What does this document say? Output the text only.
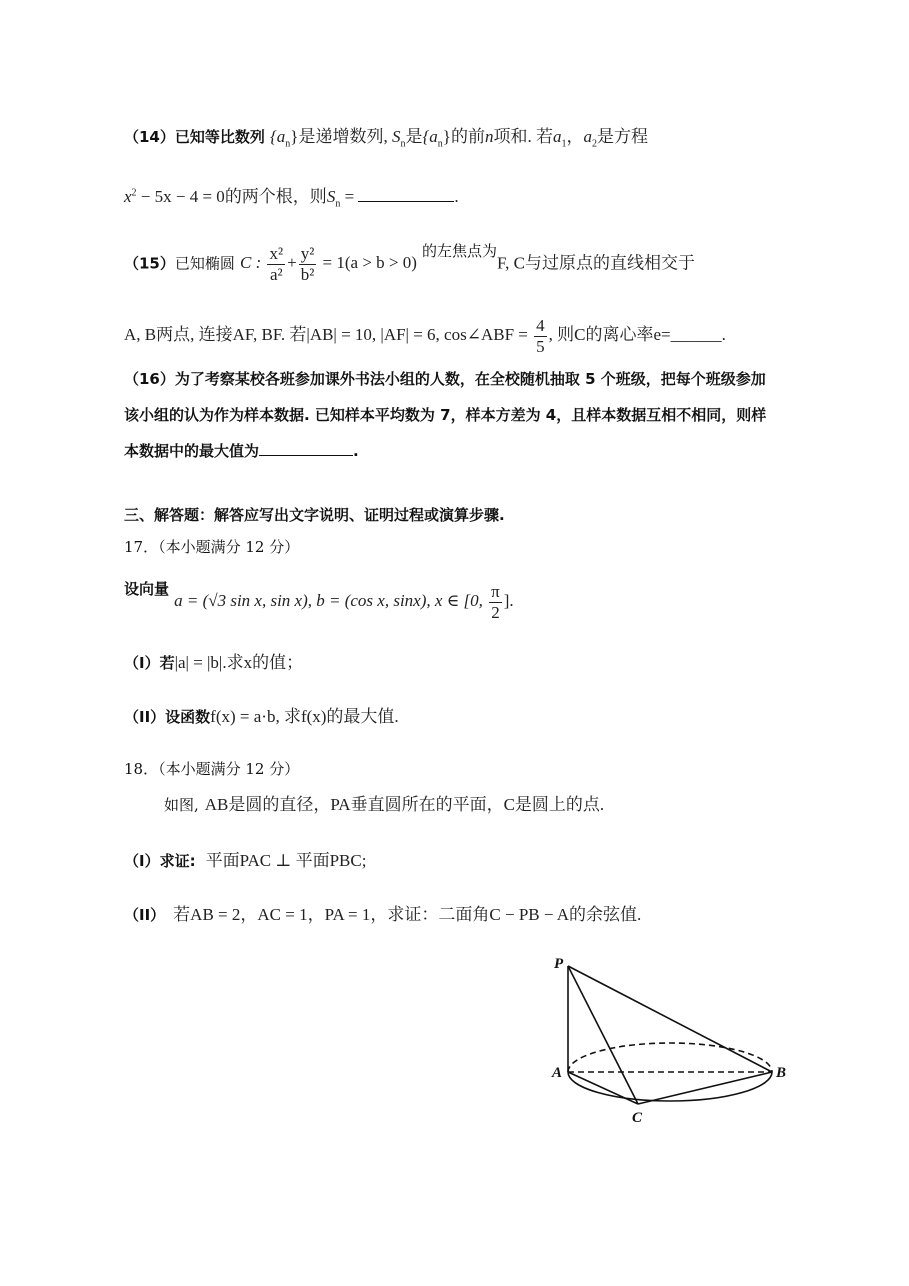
（14）已知等比数列 $\{a_n\}$是递增数列, $S_n$是$\{a_n\}$的前n项和. 若$a_1$，$a_2$是方程
$x^2 - 5x - 4 = 0$的两个根，则$S_n$ =	.
（15）已知椭圆 C : $\frac{\text{x²}}{\text{a²}} + \frac{\text{y²}}{\text{b²}} = 1(a > b > 0)$ 的左焦点为F, C与过原点的直线相交于
A, B两点, 连接AF, BF. 若|AB| = 10, |AF| = 6, cos∠ABF = $\frac{4}{5}$ , 则C的离心率e=______.
（16）为了考察某校各班参加课外书法小组的人数，在全校随机抽取 5 个班级，把每个班级参加
该小组的认为作为样本数据. 已知样本平均数为 7，样本方差为 4，且样本数据互相不相同，则样
本数据中的最大值为	.
三、解答题：解答应写出文字说明、证明过程或演算步骤.
17．（本小题满分 12 分）
设向量 a = (√3 sin x, sin x), b = (cos x, sinx), x ∈ [0, $\frac{\pi}{2}$ ].
（I）若|a| = |b|.求x的值；
（II）设函数f(x) = a·b, 求f(x)的最大值.
18．（本小题满分 12 分）
如图, AB是圆的直径，PA垂直圆所在的平面，C是圆上的点.
（I）求证: 平面PAC ⊥ 平面PBC;
（II） 若AB = 2，AC = 1，PA = 1，求证：二面角C − PB − A的余弦值.
P
A	B
C
